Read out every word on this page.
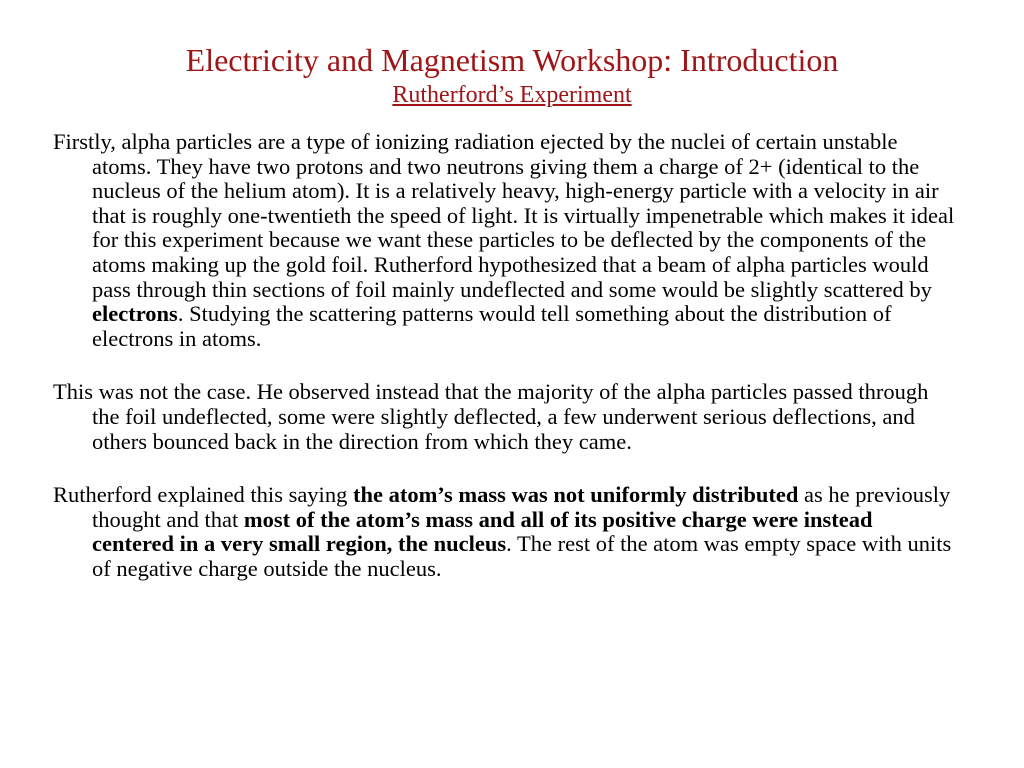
Electricity and Magnetism Workshop: Introduction
Rutherford’s Experiment

Firstly, alpha particles are a type of ionizing radiation ejected by the nuclei of certain unstable atoms. They have two protons and two neutrons giving them a charge of 2+ (identical to the nucleus of the helium atom). It is a relatively heavy, high-energy particle with a velocity in air that is roughly one-twentieth the speed of light. It is virtually impenetrable which makes it ideal for this experiment because we want these particles to be deflected by the components of the atoms making up the gold foil. Rutherford hypothesized that a beam of alpha particles would pass through thin sections of foil mainly undeflected and some would be slightly scattered by electrons. Studying the scattering patterns would tell something about the distribution of electrons in atoms.

This was not the case. He observed instead that the majority of the alpha particles passed through the foil undeflected, some were slightly deflected, a few underwent serious deflections, and others bounced back in the direction from which they came.

Rutherford explained this saying the atom’s mass was not uniformly distributed as he previously thought and that most of the atom’s mass and all of its positive charge were instead centered in a very small region, the nucleus. The rest of the atom was empty space with units of negative charge outside the nucleus.
